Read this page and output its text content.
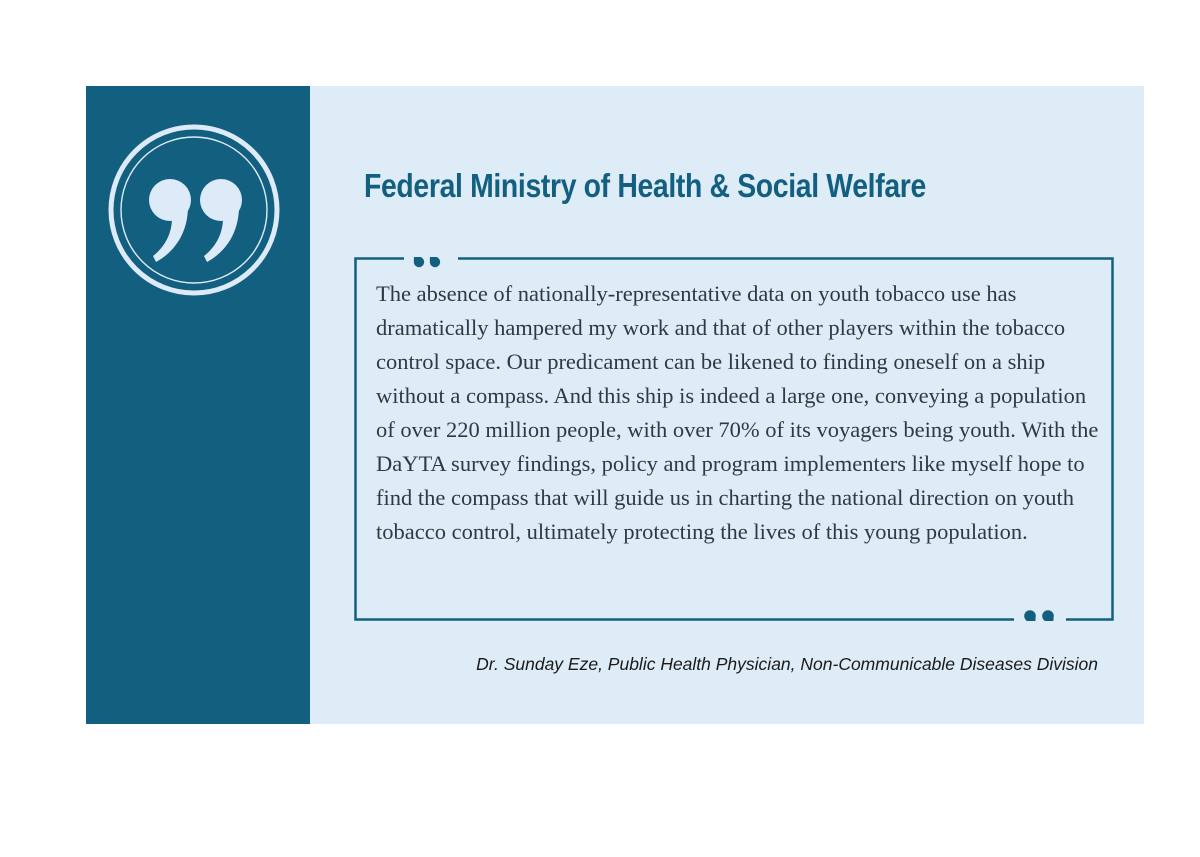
Federal Ministry of Health & Social Welfare

The absence of nationally-representative data on youth tobacco use has dramatically hampered my work and that of other players within the tobacco control space. Our predicament can be likened to finding oneself on a ship without a compass. And this ship is indeed a large one, conveying a population of over 220 million people, with over 70% of its voyagers being youth. With the DaYTA survey findings, policy and program implementers like myself hope to find the compass that will guide us in charting the national direction on youth tobacco control, ultimately protecting the lives of this young population.

Dr. Sunday Eze, Public Health Physician, Non-Communicable Diseases Division
